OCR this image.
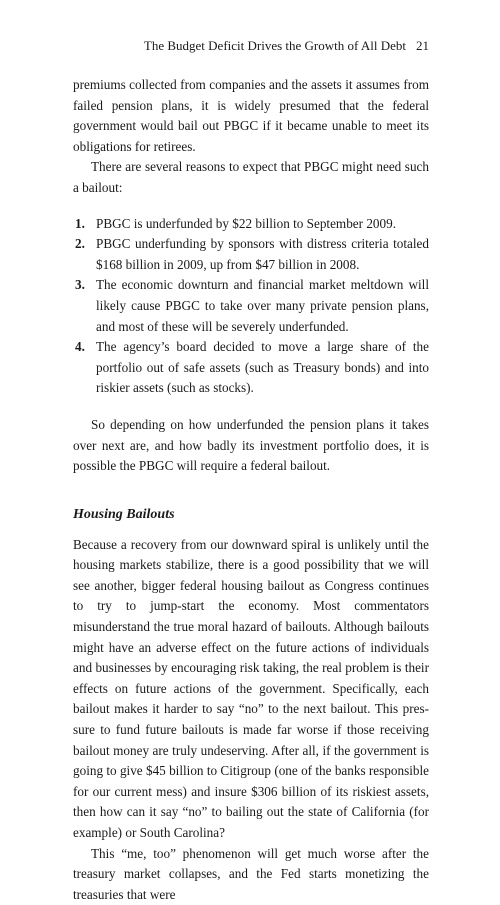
The Budget Deficit Drives the Growth of All Debt 21

premiums collected from companies and the assets it assumes from failed pension plans, it is widely presumed that the federal government would bail out PBGC if it became unable to meet its obligations for retirees.

There are several reasons to expect that PBGC might need such a bailout:

1. PBGC is underfunded by $22 billion to September 2009.
2. PBGC underfunding by sponsors with distress criteria totaled $168 billion in 2009, up from $47 billion in 2008.
3. The economic downturn and financial market meltdown will likely cause PBGC to take over many private pension plans, and most of these will be severely underfunded.
4. The agency’s board decided to move a large share of the portfolio out of safe assets (such as Treasury bonds) and into riskier assets (such as stocks).

So depending on how underfunded the pension plans it takes over next are, and how badly its investment portfolio does, it is possible the PBGC will require a federal bailout.

Housing Bailouts

Because a recovery from our downward spiral is unlikely until the housing markets stabilize, there is a good possibility that we will see another, bigger federal housing bailout as Congress continues to try to jump-start the economy. Most commentators misunderstand the true moral hazard of bailouts. Although bailouts might have an adverse effect on the future actions of individuals and businesses by encouraging risk taking, the real problem is their effects on future actions of the government. Specifically, each bailout makes it harder to say “no” to the next bailout. This pressure to fund future bailouts is made far worse if those receiving bailout money are truly undeserving. After all, if the government is going to give $45 billion to Citigroup (one of the banks responsible for our current mess) and insure $306 billion of its riskiest assets, then how can it say “no” to bailing out the state of California (for example) or South Carolina?

This “me, too” phenomenon will get much worse after the treasury market collapses, and the Fed starts monetizing the treasuries that were
